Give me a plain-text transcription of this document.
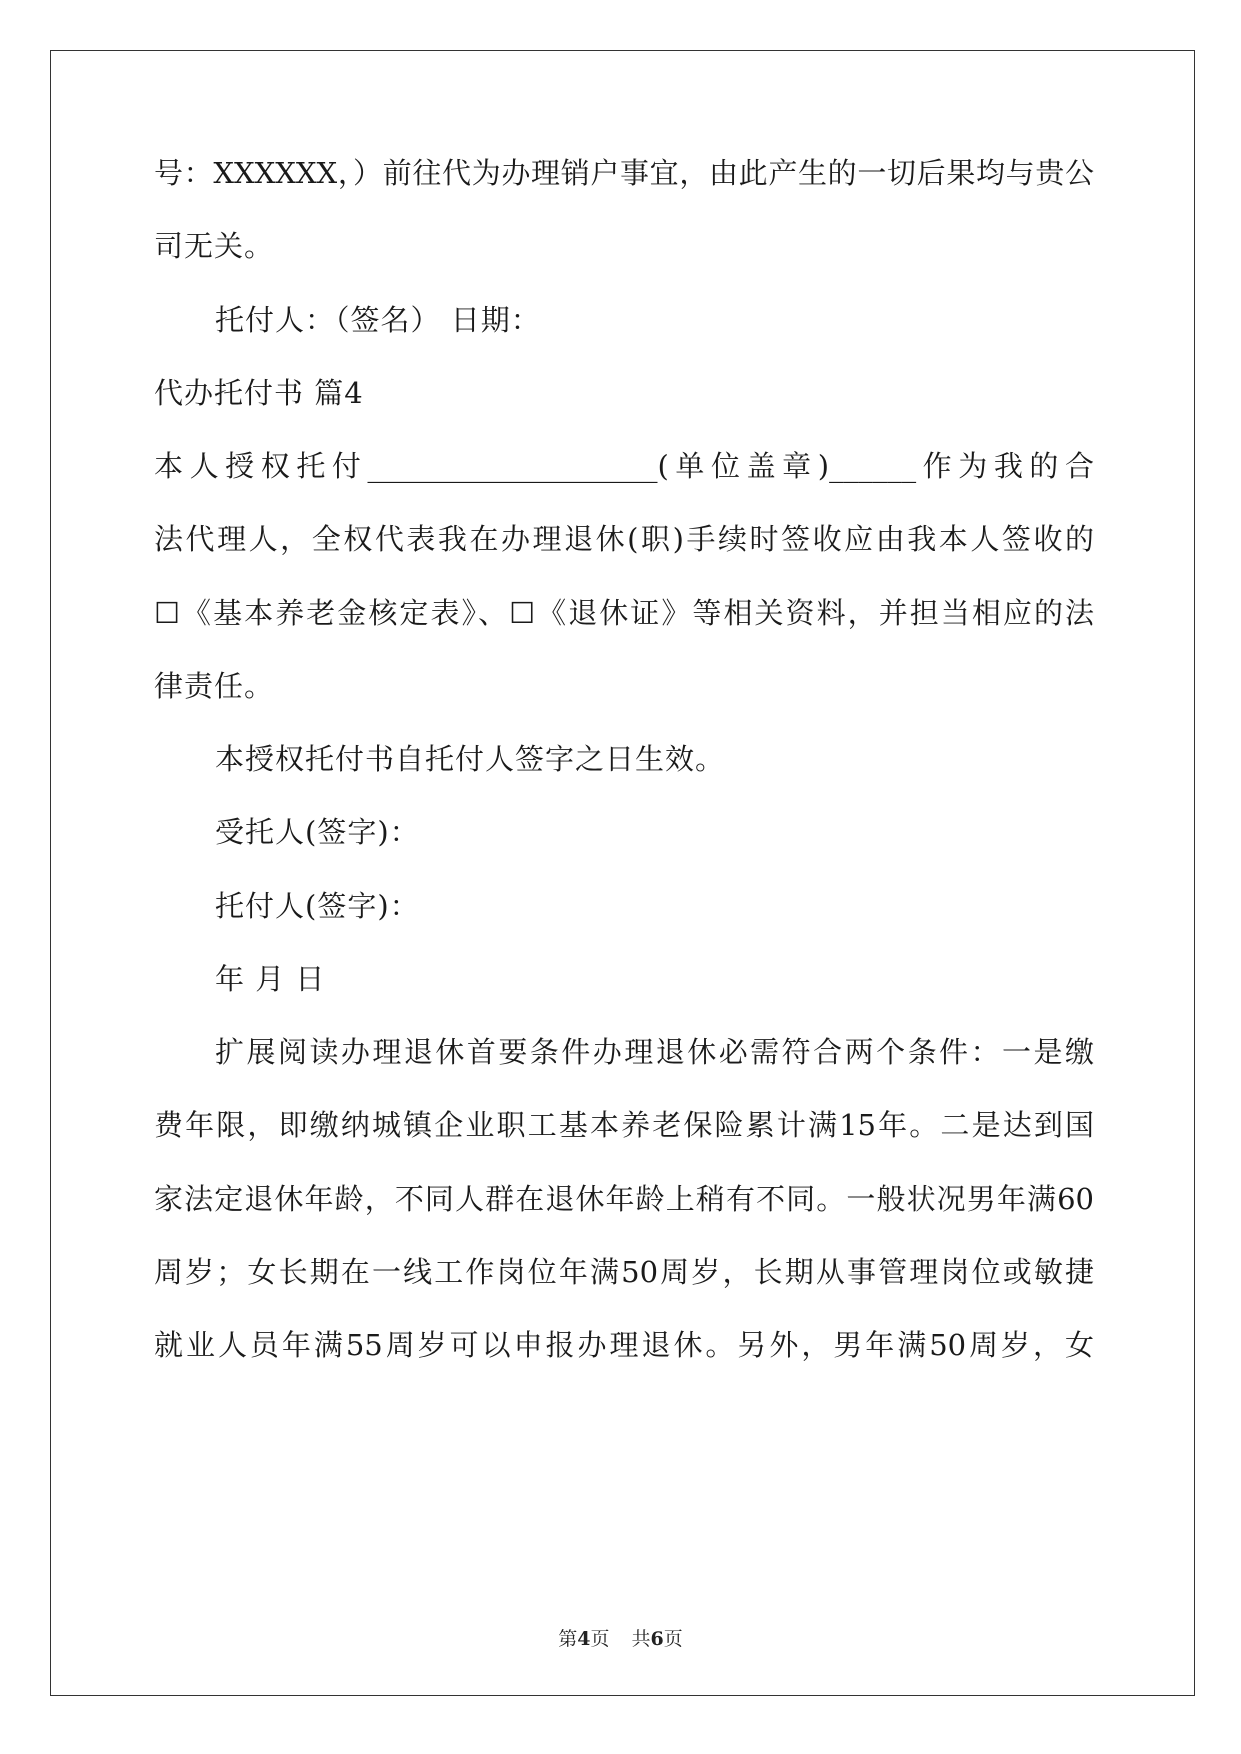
号：XXXXXX，）前往代为办理销户事宜，由此产生的一切后果均与贵公
司无关。
托付人：（签名） 日期：
代办托付书 篇4
本人授权托付____________________(单位盖章)______作为我的合
法代理人，全权代表我在办理退休(职)手续时签收应由我本人签收的
☐《基本养老金核定表》、☐《退休证》等相关资料，并担当相应的法
律责任。
本授权托付书自托付人签字之日生效。
受托人(签字)：
托付人(签字)：
年 月 日
扩展阅读办理退休首要条件办理退休必需符合两个条件：一是缴
费年限，即缴纳城镇企业职工基本养老保险累计满15年。二是达到国
家法定退休年龄，不同人群在退休年龄上稍有不同。一般状况男年满60
周岁；女长期在一线工作岗位年满50周岁，长期从事管理岗位或敏捷
就业人员年满55周岁可以申报办理退休。另外，男年满50周岁，女
第4页 共6页
